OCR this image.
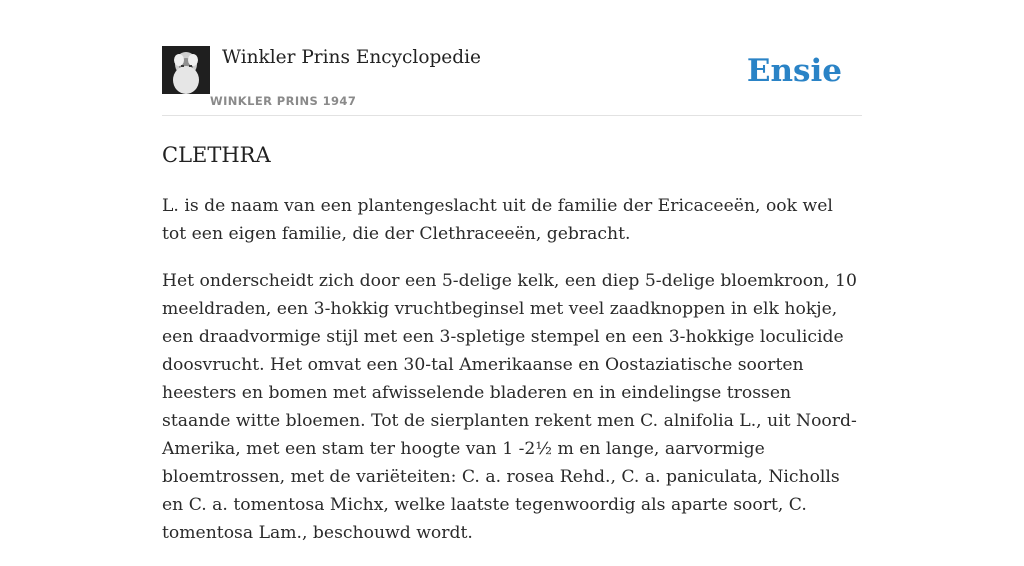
Winkler Prins Encyclopedie
WINKLER PRINS 1947
Ensie
CLETHRA

L. is de naam van een plantengeslacht uit de familie der Ericaceeën, ook wel tot een eigen familie, die der Clethraceeën, gebracht.

Het onderscheidt zich door een 5-delige kelk, een diep 5-delige bloemkroon, 10 meeldraden, een 3-hokkig vruchtbeginsel met veel zaadknoppen in elk hokje, een draadvormige stijl met een 3-spletige stempel en een 3-hokkige loculicide doosvrucht. Het omvat een 30-tal Amerikaanse en Oostaziatische soorten heesters en bomen met afwisselende bladeren en in eindelingse trossen staande witte bloemen. Tot de sierplanten rekent men C. alnifolia L., uit Noord-Amerika, met een stam ter hoogte van 1 -2½ m en lange, aarvormige bloemtrossen, met de variëteiten: C. a. rosea Rehd., C. a. paniculata, Nicholls en C. a. tomentosa Michx, welke laatste tegenwoordig als aparte soort, C. tomentosa Lam., beschouwd wordt.
